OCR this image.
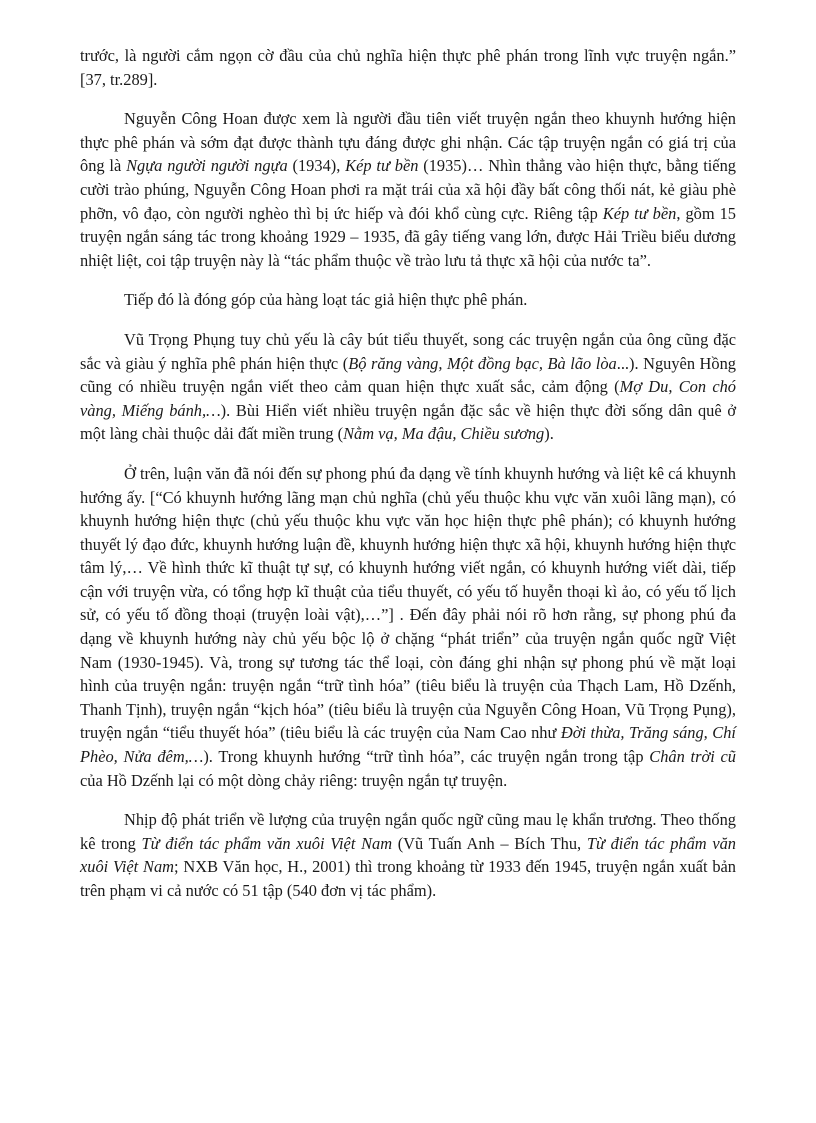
trước, là người cắm ngọn cờ đầu của chủ nghĩa hiện thực phê phán trong lĩnh vực truyện ngắn.” [37, tr.289].

Nguyễn Công Hoan được xem là người đầu tiên viết truyện ngắn theo khuynh hướng hiện thực phê phán và sớm đạt được thành tựu đáng được ghi nhận. Các tập truyện ngắn có giá trị của ông là Ngựa người người ngựa (1934), Kép tư bền (1935)… Nhìn thẳng vào hiện thực, bằng tiếng cười trào phúng, Nguyễn Công Hoan phơi ra mặt trái của xã hội đầy bất công thối nát, kẻ giàu phè phỡn, vô đạo, còn người nghèo thì bị ức hiếp và đói khổ cùng cực. Riêng tập Kép tư bền, gồm 15 truyện ngắn sáng tác trong khoảng 1929 – 1935, đã gây tiếng vang lớn, được Hải Triều biểu dương nhiệt liệt, coi tập truyện này là “tác phẩm thuộc về trào lưu tả thực xã hội của nước ta”.

Tiếp đó là đóng góp của hàng loạt tác giả hiện thực phê phán.

Vũ Trọng Phụng tuy chủ yếu là cây bút tiểu thuyết, song các truyện ngắn của ông cũng đặc sắc và giàu ý nghĩa phê phán hiện thực (Bộ răng vàng, Một đồng bạc, Bà lão lòa...). Nguyên Hồng cũng có nhiều truyện ngắn viết theo cảm quan hiện thực xuất sắc, cảm động (Mợ Du, Con chó vàng, Miếng bánh,…). Bùi Hiển viết nhiều truyện ngắn đặc sắc về hiện thực đời sống dân quê ở một làng chài thuộc dải đất miền trung (Nằm vạ, Ma đậu, Chiều sương).

Ở trên, luận văn đã nói đến sự phong phú đa dạng về tính khuynh hướng và liệt kê cá khuynh hướng ấy. [“Có khuynh hướng lãng mạn chủ nghĩa (chủ yếu thuộc khu vực văn xuôi lãng mạn), có khuynh hướng hiện thực (chủ yếu thuộc khu vực văn học hiện thực phê phán); có khuynh hướng thuyết lý đạo đức, khuynh hướng luận đề, khuynh hướng hiện thực xã hội, khuynh hướng hiện thực tâm lý,… Về hình thức kĩ thuật tự sự, có khuynh hướng viết ngắn, có khuynh hướng viết dài, tiếp cận với truyện vừa, có tổng hợp kĩ thuật của tiểu thuyết, có yếu tố huyễn thoại kì ảo, có yếu tố lịch sử, có yếu tố đồng thoại (truyện loài vật),…”] . Đến đây phải nói rõ hơn rằng, sự phong phú đa dạng về khuynh hướng này chủ yếu bộc lộ ở chặng “phát triển” của truyện ngắn quốc ngữ Việt Nam (1930-1945). Và, trong sự tương tác thể loại, còn đáng ghi nhận sự phong phú về mặt loại hình của truyện ngắn: truyện ngắn “trữ tình hóa” (tiêu biểu là truyện của Thạch Lam, Hồ Dzếnh, Thanh Tịnh), truyện ngắn “kịch hóa” (tiêu biểu là truyện của Nguyễn Công Hoan, Vũ Trọng Pụng), truyện ngắn “tiểu thuyết hóa” (tiêu biểu là các truyện của Nam Cao như Đời thừa, Trăng sáng, Chí Phèo, Nửa đêm,…). Trong khuynh hướng “trữ tình hóa”, các truyện ngắn trong tập Chân trời cũ của Hồ Dzếnh lại có một dòng chảy riêng: truyện ngắn tự truyện.

Nhịp độ phát triển về lượng của truyện ngắn quốc ngữ cũng mau lẹ khẩn trương. Theo thống kê trong Từ điển tác phẩm văn xuôi Việt Nam (Vũ Tuấn Anh – Bích Thu, Từ điển tác phẩm văn xuôi Việt Nam; NXB Văn học, H., 2001) thì trong khoảng từ 1933 đến 1945, truyện ngắn xuất bản trên phạm vi cả nước có 51 tập (540 đơn vị tác phẩm).
